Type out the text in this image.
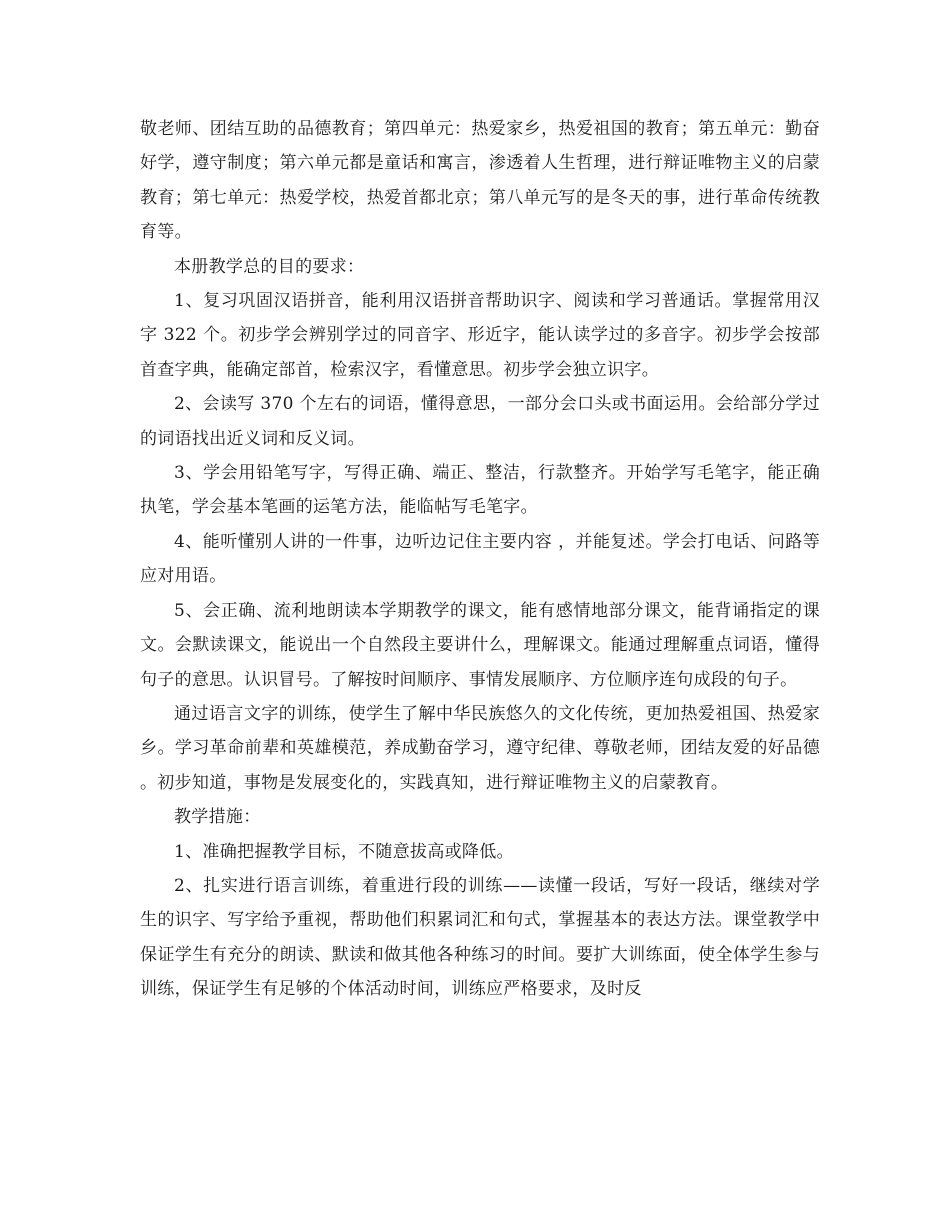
敬老师、团结互助的品德教育；第四单元：热爱家乡，热爱祖国的教育；第五单元：勤奋好学，遵守制度；第六单元都是童话和寓言，渗透着人生哲理，进行辩证唯物主义的启蒙教育；第七单元：热爱学校，热爱首都北京；第八单元写的是冬天的事，进行革命传统教育等。

本册教学总的目的要求：

1、复习巩固汉语拼音，能利用汉语拼音帮助识字、阅读和学习普通话。掌握常用汉字 322 个。初步学会辨别学过的同音字、形近字，能认读学过的多音字。初步学会按部首查字典，能确定部首，检索汉字，看懂意思。初步学会独立识字。

2、会读写 370 个左右的词语，懂得意思，一部分会口头或书面运用。会给部分学过的词语找出近义词和反义词。

3、学会用铅笔写字，写得正确、端正、整洁，行款整齐。开始学写毛笔字，能正确执笔，学会基本笔画的运笔方法，能临帖写毛笔字。

4、能听懂别人讲的一件事，边听边记住主要内容 ，并能复述。学会打电话、问路等应对用语。

5、会正确、流利地朗读本学期教学的课文，能有感情地部分课文，能背诵指定的课文。会默读课文，能说出一个自然段主要讲什么，理解课文。能通过理解重点词语，懂得句子的意思。认识冒号。了解按时间顺序、事情发展顺序、方位顺序连句成段的句子。

通过语言文字的训练，使学生了解中华民族悠久的文化传统，更加热爱祖国、热爱家乡。学习革命前辈和英雄模范，养成勤奋学习，遵守纪律、尊敬老师，团结友爱的好品德。初步知道，事物是发展变化的，实践真知，进行辩证唯物主义的启蒙教育。

教学措施：

1、准确把握教学目标，不随意拔高或降低。

2、扎实进行语言训练，着重进行段的训练——读懂一段话，写好一段话，继续对学生的识字、写字给予重视，帮助他们积累词汇和句式，掌握基本的表达方法。课堂教学中保证学生有充分的朗读、默读和做其他各种练习的时间。要扩大训练面，使全体学生参与训练，保证学生有足够的个体活动时间，训练应严格要求，及时反
